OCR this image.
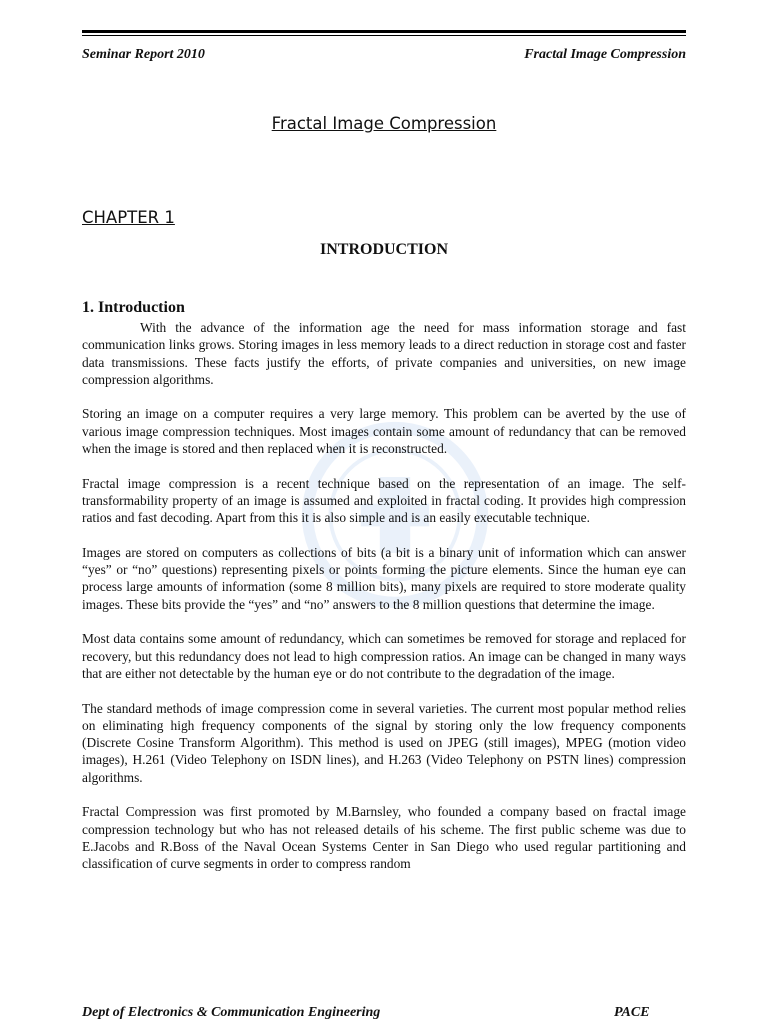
Seminar Report 2010	Fractal Image Compression
Fractal Image Compression
CHAPTER 1
INTRODUCTION
1. Introduction

With the advance of the information age the need for mass information storage and fast communication links grows. Storing images in less memory leads to a direct reduction in storage cost and faster data transmissions. These facts justify the efforts, of private companies and universities, on new image compression algorithms.

Storing an image on a computer requires a very large memory. This problem can be averted by the use of various image compression techniques. Most images contain some amount of redundancy that can be removed when the image is stored and then replaced when it is reconstructed.

Fractal image compression is a recent technique based on the representation of an image. The self-transformability property of an image is assumed and exploited in fractal coding. It provides high compression ratios and fast decoding. Apart from this it is also simple and is an easily executable technique.

Images are stored on computers as collections of bits (a bit is a binary unit of information which can answer “yes” or “no” questions) representing pixels or points forming the picture elements. Since the human eye can process large amounts of information (some 8 million bits), many pixels are required to store moderate quality images. These bits provide the “yes” and “no” answers to the 8 million questions that determine the image.

Most data contains some amount of redundancy, which can sometimes be removed for storage and replaced for recovery, but this redundancy does not lead to high compression ratios. An image can be changed in many ways that are either not detectable by the human eye or do not contribute to the degradation of the image.

The standard methods of image compression come in several varieties. The current most popular method relies on eliminating high frequency components of the signal by storing only the low frequency components (Discrete Cosine Transform Algorithm). This method is used on JPEG (still images), MPEG (motion video images), H.261 (Video Telephony on ISDN lines), and H.263 (Video Telephony on PSTN lines) compression algorithms.

Fractal Compression was first promoted by M.Barnsley, who founded a company based on fractal image compression technology but who has not released details of his scheme. The first public scheme was due to E.Jacobs and R.Boss of the Naval Ocean Systems Center in San Diego who used regular partitioning and classification of curve segments in order to compress random

Dept of Electronics & Communication Engineering	PACE
